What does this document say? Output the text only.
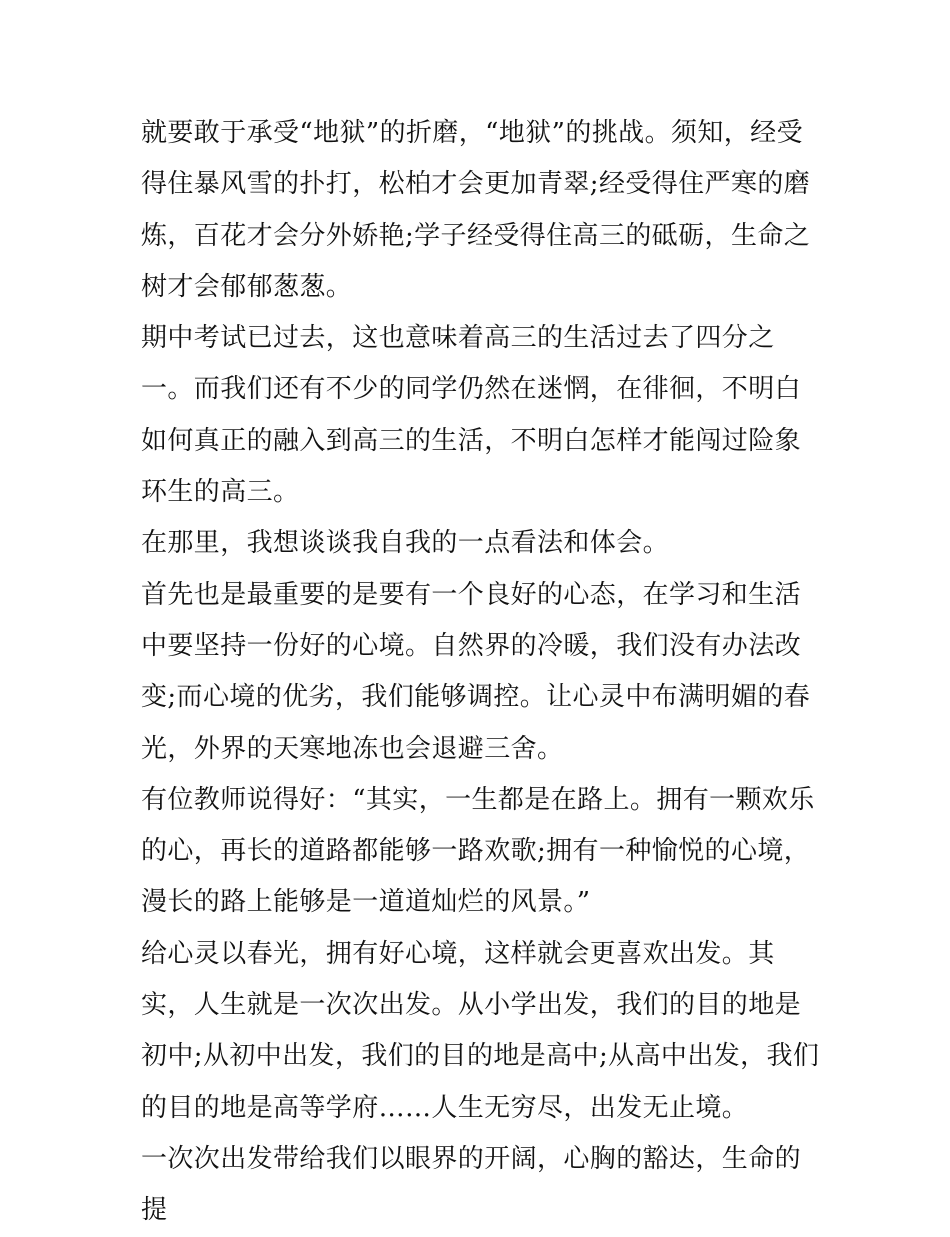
就要敢于承受“地狱”的折磨，“地狱”的挑战。须知，经受得住暴风雪的扑打，松柏才会更加青翠;经受得住严寒的磨炼，百花才会分外娇艳;学子经受得住高三的砥砺，生命之树才会郁郁葱葱。

期中考试已过去，这也意味着高三的生活过去了四分之一。而我们还有不少的同学仍然在迷惘，在徘徊，不明白如何真正的融入到高三的生活，不明白怎样才能闯过险象环生的高三。

在那里，我想谈谈我自我的一点看法和体会。

首先也是最重要的是要有一个良好的心态，在学习和生活中要坚持一份好的心境。自然界的冷暖，我们没有办法改变;而心境的优劣，我们能够调控。让心灵中布满明媚的春光，外界的天寒地冻也会退避三舍。

有位教师说得好：“其实，一生都是在路上。拥有一颗欢乐的心，再长的道路都能够一路欢歌;拥有一种愉悦的心境，漫长的路上能够是一道道灿烂的风景。”

给心灵以春光，拥有好心境，这样就会更喜欢出发。其实，人生就是一次次出发。从小学出发，我们的目的地是初中;从初中出发，我们的目的地是高中;从高中出发，我们的目的地是高等学府……人生无穷尽，出发无止境。

一次次出发带给我们以眼界的开阔，心胸的豁达，生命的提
